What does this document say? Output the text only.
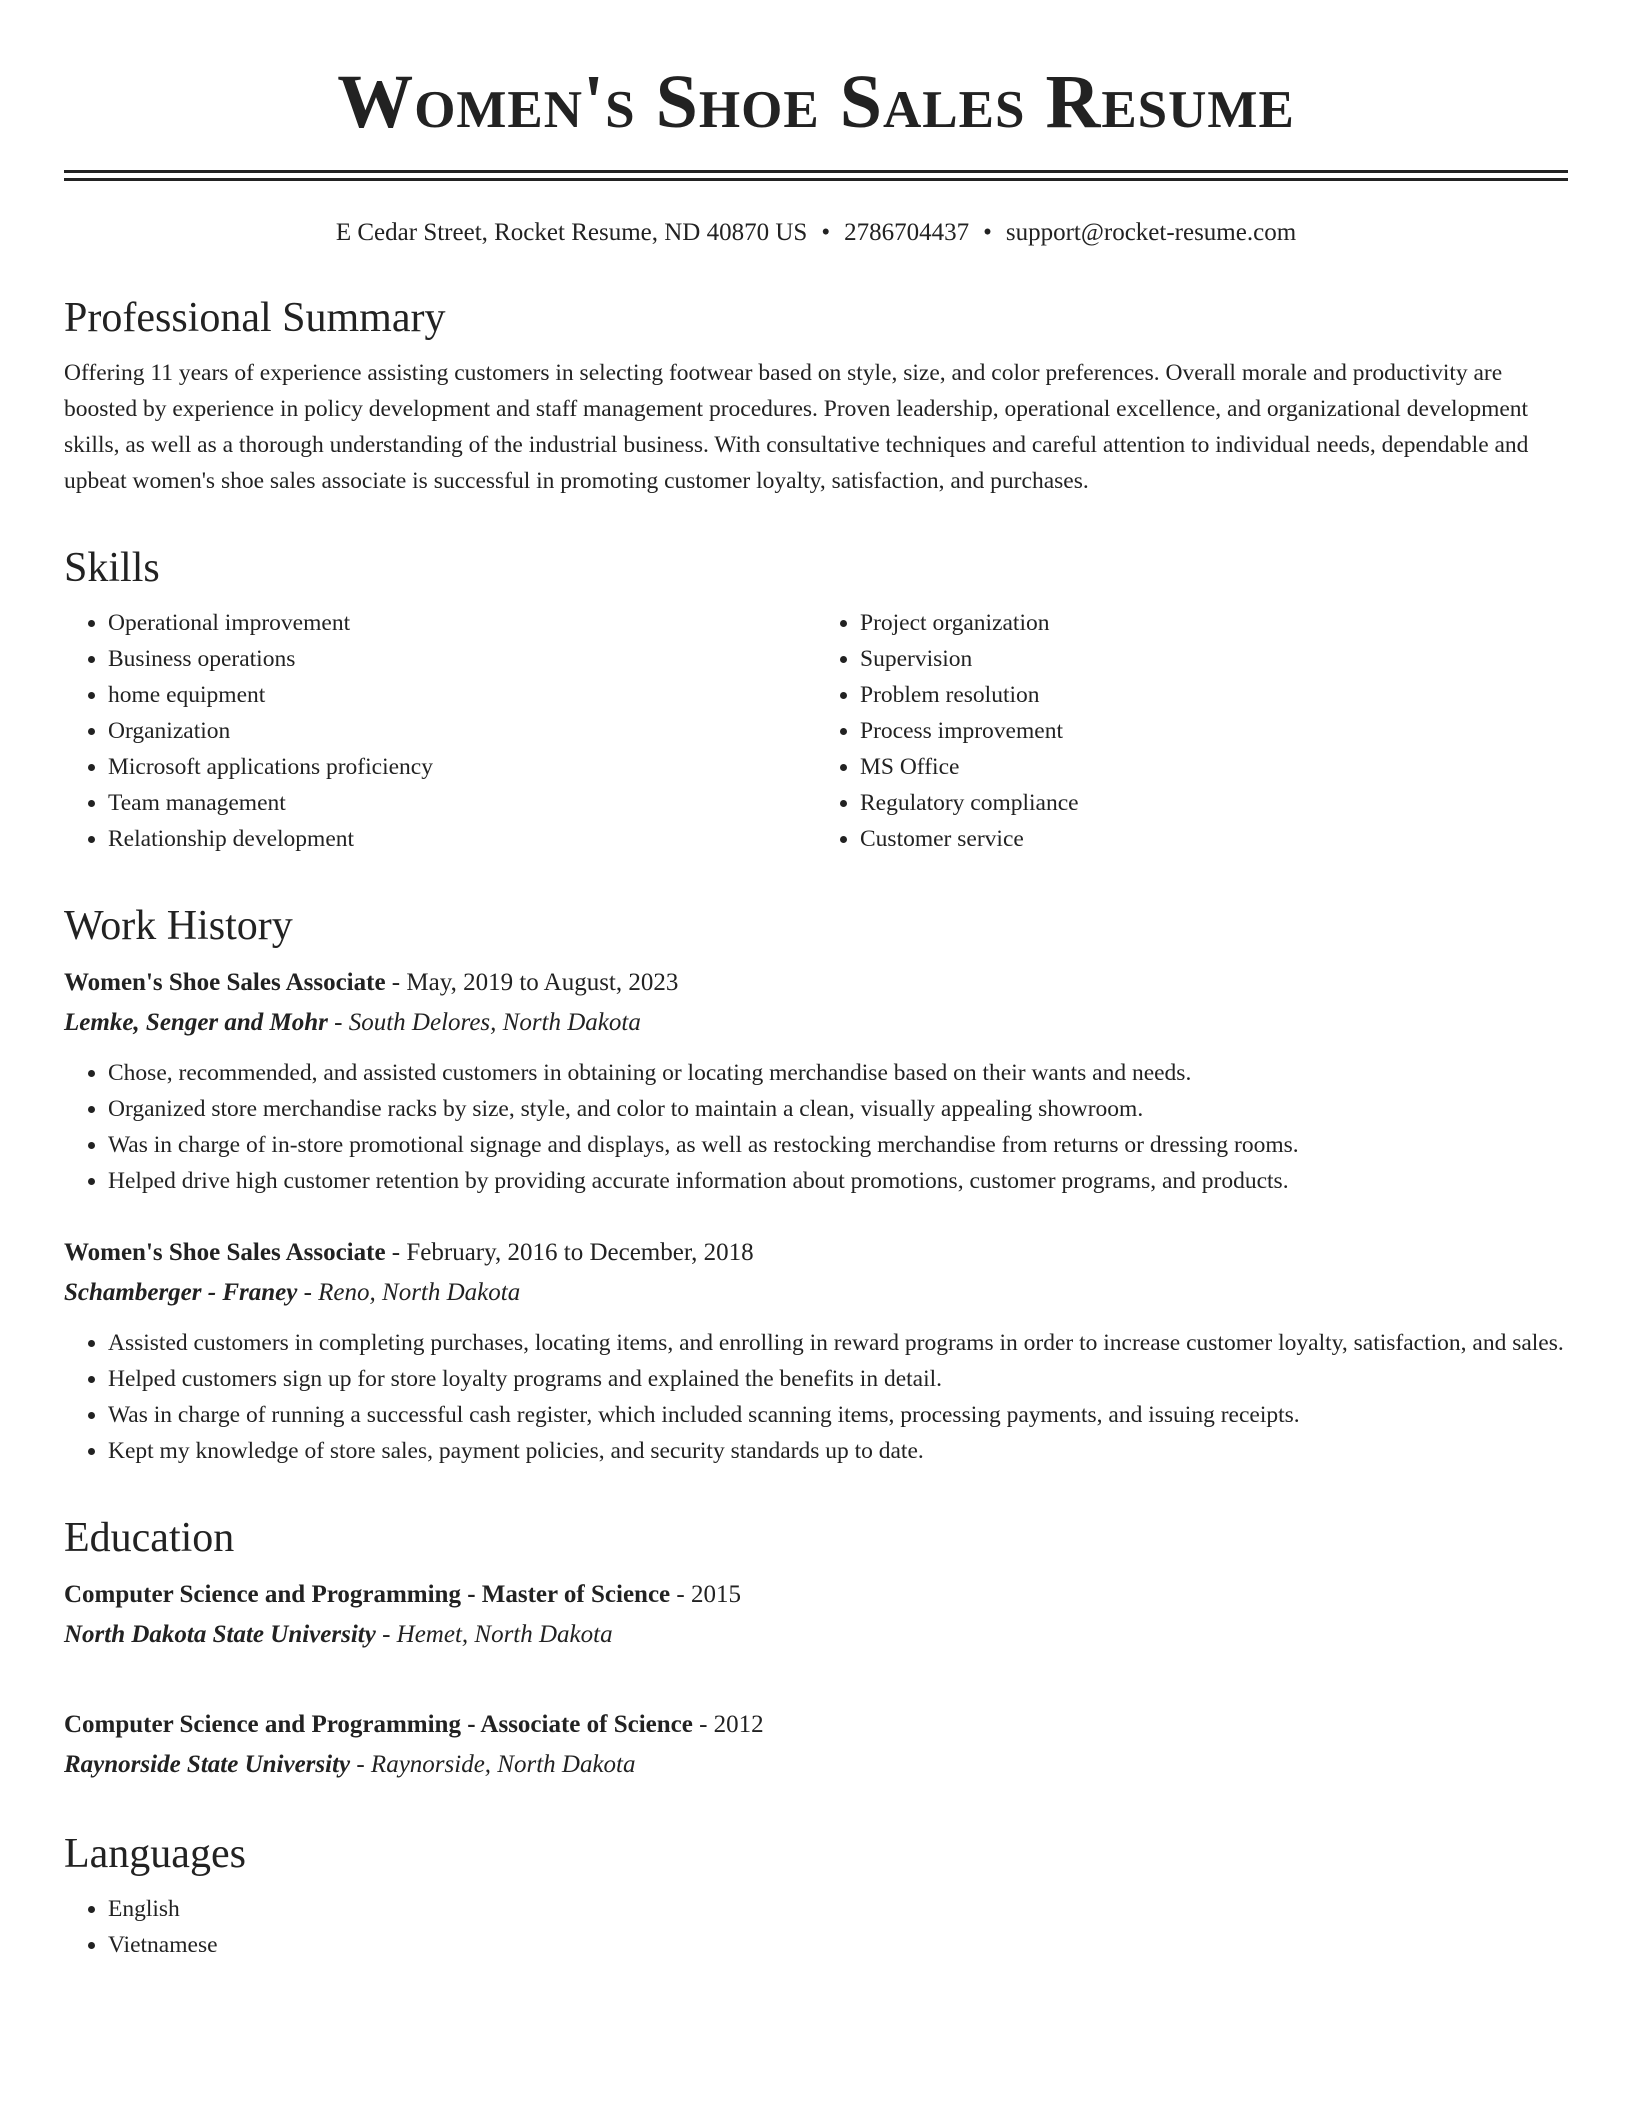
Women's Shoe Sales Resume
E Cedar Street, Rocket Resume, ND 40870 US • 2786704437 • support@rocket-resume.com
Professional Summary

Offering 11 years of experience assisting customers in selecting footwear based on style, size, and color preferences. Overall morale and productivity are boosted by experience in policy development and staff management procedures. Proven leadership, operational excellence, and organizational development skills, as well as a thorough understanding of the industrial business. With consultative techniques and careful attention to individual needs, dependable and upbeat women's shoe sales associate is successful in promoting customer loyalty, satisfaction, and purchases.

Skills
• Operational improvement
• Business operations
• home equipment
• Organization
• Microsoft applications proficiency
• Team management
• Relationship development
• Project organization
• Supervision
• Problem resolution
• Process improvement
• MS Office
• Regulatory compliance
• Customer service
Work History
Women's Shoe Sales Associate - May, 2019 to August, 2023
Lemke, Senger and Mohr - South Delores, North Dakota
• Chose, recommended, and assisted customers in obtaining or locating merchandise based on their wants and needs.
• Organized store merchandise racks by size, style, and color to maintain a clean, visually appealing showroom.
• Was in charge of in-store promotional signage and displays, as well as restocking merchandise from returns or dressing rooms.
• Helped drive high customer retention by providing accurate information about promotions, customer programs, and products.
Women's Shoe Sales Associate - February, 2016 to December, 2018
Schamberger - Franey - Reno, North Dakota
• Assisted customers in completing purchases, locating items, and enrolling in reward programs in order to increase customer loyalty, satisfaction, and sales.
• Helped customers sign up for store loyalty programs and explained the benefits in detail.
• Was in charge of running a successful cash register, which included scanning items, processing payments, and issuing receipts.
• Kept my knowledge of store sales, payment policies, and security standards up to date.
Education
Computer Science and Programming - Master of Science - 2015
North Dakota State University - Hemet, North Dakota
Computer Science and Programming - Associate of Science - 2012
Raynorside State University - Raynorside, North Dakota
Languages
• English
• Vietnamese
